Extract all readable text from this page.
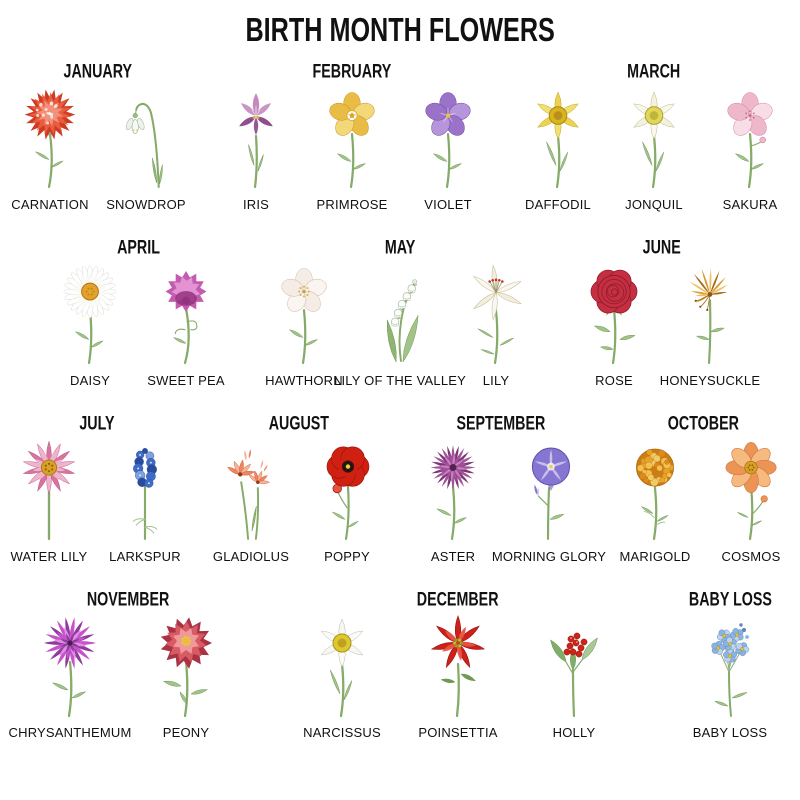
BIRTH MONTH FLOWERS
JANUARY
CARNATION SNOWDROP
FEBRUARY
IRIS	PRIMROSE	VIOLET
MARCH
DAFFODIL	JONQUIL	SAKURA
APRIL
DAISY	SWEET PEA
MAY
HAWTHORN
LILY OF THE VALLEY LILY
JUNE
ROSE HONEYSUCKLE
JULY
WATER LILY LARKSPUR
AUGUST
GLADIOLUS	POPPY
SEPTEMBER
ASTER MORNING GLORY
OCTOBER
MARIGOLD COSMOS
NOVEMBER
CHRYSANTHEMUM PEONY
DECEMBER
NARCISSUS	POINSETTIA	HOLLY
BABY LOSS
BABY LOSS
